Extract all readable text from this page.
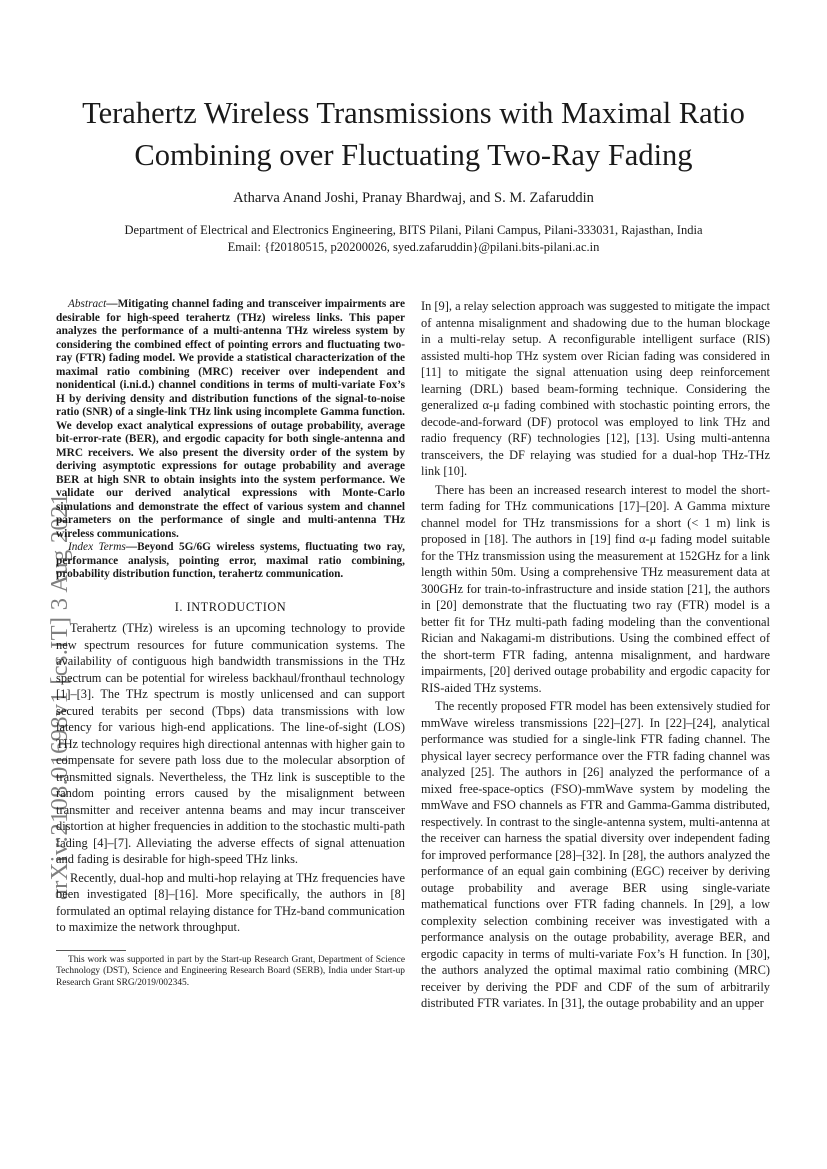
Terahertz Wireless Transmissions with Maximal Ratio Combining over Fluctuating Two-Ray Fading
Atharva Anand Joshi, Pranay Bhardwaj, and S. M. Zafaruddin
Department of Electrical and Electronics Engineering, BITS Pilani, Pilani Campus, Pilani-333031, Rajasthan, India
Email: {f20180515, p20200026, syed.zafaruddin}@pilani.bits-pilani.ac.in
arXiv:2108.01698v1 [cs.IT] 3 Aug 2021

Abstract—Mitigating channel fading and transceiver impairments are desirable for high-speed terahertz (THz) wireless links. This paper analyzes the performance of a multi-antenna THz wireless system by considering the combined effect of pointing errors and fluctuating two-ray (FTR) fading model. We provide a statistical characterization of the maximal ratio combining (MRC) receiver over independent and nonidentical (i.ni.d.) channel conditions in terms of multi-variate Fox’s H by deriving density and distribution functions of the signal-to-noise ratio (SNR) of a single-link THz link using incomplete Gamma function. We develop exact analytical expressions of outage probability, average bit-error-rate (BER), and ergodic capacity for both single-antenna and MRC receivers. We also present the diversity order of the system by deriving asymptotic expressions for outage probability and average BER at high SNR to obtain insights into the system performance. We validate our derived analytical expressions with Monte-Carlo simulations and demonstrate the effect of various system and channel parameters on the performance of single and multi-antenna THz wireless communications.

Index Terms—Beyond 5G/6G wireless systems, fluctuating two ray, performance analysis, pointing error, maximal ratio combining, probability distribution function, terahertz communication.

I. INTRODUCTION

Terahertz (THz) wireless is an upcoming technology to provide new spectrum resources for future communication systems. The availability of contiguous high bandwidth transmissions in the THz spectrum can be potential for wireless backhaul/fronthaul technology [1]–[3]. The THz spectrum is mostly unlicensed and can support secured terabits per second (Tbps) data transmissions with low latency for various high-end applications. The line-of-sight (LOS) THz technology requires high directional antennas with higher gain to compensate for severe path loss due to the molecular absorption of transmitted signals. Nevertheless, the THz link is susceptible to the random pointing errors caused by the misalignment between transmitter and receiver antenna beams and may incur transceiver distortion at higher frequencies in addition to the stochastic multi-path fading [4]–[7]. Alleviating the adverse effects of signal attenuation and fading is desirable for high-speed THz links.

Recently, dual-hop and multi-hop relaying at THz frequencies have been investigated [8]–[16]. More specifically, the authors in [8] formulated an optimal relaying distance for THz-band communication to maximize the network throughput.

This work was supported in part by the Start-up Research Grant, Department of Science Technology (DST), Science and Engineering Research Board (SERB), India under Start-up Research Grant SRG/2019/002345.

In [9], a relay selection approach was suggested to mitigate the impact of antenna misalignment and shadowing due to the human blockage in a multi-relay setup. A reconfigurable intelligent surface (RIS) assisted multi-hop THz system over Rician fading was considered in [11] to mitigate the signal attenuation using deep reinforcement learning (DRL) based beam-forming technique. Considering the generalized α-μ fading combined with stochastic pointing errors, the decode-and-forward (DF) protocol was employed to link THz and radio frequency (RF) technologies [12], [13]. Using multi-antenna transceivers, the DF relaying was studied for a dual-hop THz-THz link [10].

There has been an increased research interest to model the short-term fading for THz communications [17]–[20]. A Gamma mixture channel model for THz transmissions for a short (< 1 m) link is proposed in [18]. The authors in [19] find α-μ fading model suitable for the THz transmission using the measurement at 152GHz for a link length within 50m. Using a comprehensive THz measurement data at 300GHz for train-to-infrastructure and inside station [21], the authors in [20] demonstrate that the fluctuating two ray (FTR) model is a better fit for THz multi-path fading modeling than the conventional Rician and Nakagami-m distributions. Using the combined effect of the short-term FTR fading, antenna misalignment, and hardware impairments, [20] derived outage probability and ergodic capacity for RIS-aided THz systems.

The recently proposed FTR model has been extensively studied for mmWave wireless transmissions [22]–[27]. In [22]–[24], analytical performance was studied for a single-link FTR fading channel. The physical layer secrecy performance over the FTR fading channel was analyzed [25]. The authors in [26] analyzed the performance of a mixed free-space-optics (FSO)-mmWave system by modeling the mmWave and FSO channels as FTR and Gamma-Gamma distributed, respectively. In contrast to the single-antenna system, multi-antenna at the receiver can harness the spatial diversity over independent fading for improved performance [28]–[32]. In [28], the authors analyzed the performance of an equal gain combining (EGC) receiver by deriving outage probability and average BER using single-variate mathematical functions over FTR fading channels. In [29], a low complexity selection combining receiver was investigated with a performance analysis on the outage probability, average BER, and ergodic capacity in terms of multi-variate Fox’s H function. In [30], the authors analyzed the optimal maximal ratio combining (MRC) receiver by deriving the PDF and CDF of the sum of arbitrarily distributed FTR variates. In [31], the outage probability and an upper
